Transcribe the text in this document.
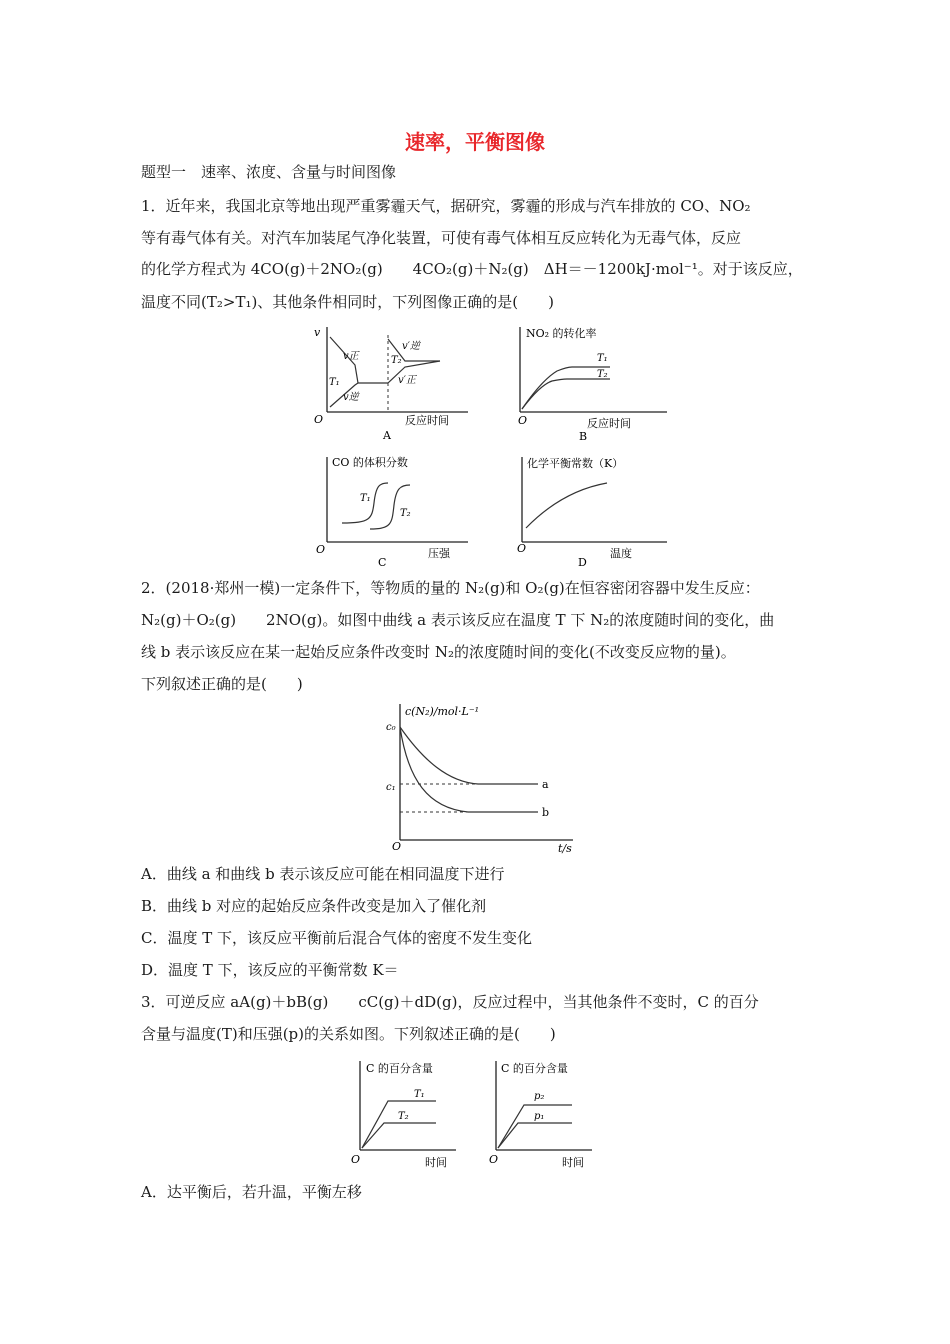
速率，平衡图像
题型一　速率、浓度、含量与时间图像
1．近年来，我国北京等地出现严重雾霾天气，据研究，雾霾的形成与汽车排放的 CO、NO₂
等有毒气体有关。对汽车加装尾气净化装置，可使有毒气体相互反应转化为无毒气体，反应
的化学方程式为 4CO(g)＋2NO₂(g)　　4CO₂(g)＋N₂(g)　ΔH＝－1200kJ·mol⁻¹。对于该反应，
温度不同(T₂>T₁)、其他条件相同时，下列图像正确的是(　　)
v
O	反应时间
A
v正
v逆
T₁
T₂
v′逆
v′正
NO₂ 的转化率
O	反应时间
B
T₁
T₂
CO 的体积分数
O	压强
C
T₁
T₂
化学平衡常数（K）
O	温度
D
2．(2018·郑州一模)一定条件下，等物质的量的 N₂(g)和 O₂(g)在恒容密闭容器中发生反应：
N₂(g)＋O₂(g)　　2NO(g)。如图中曲线 a 表示该反应在温度 T 下 N₂的浓度随时间的变化，曲
线 b 表示该反应在某一起始反应条件改变时 N₂的浓度随时间的变化(不改变反应物的量)。
下列叙述正确的是(　　)
c(N₂)/mol·L⁻¹
c₀
c₁
O	t/s
a
b
A．曲线 a 和曲线 b 表示该反应可能在相同温度下进行
B．曲线 b 对应的起始反应条件改变是加入了催化剂
C．温度 T 下，该反应平衡前后混合气体的密度不发生变化
D．温度 T 下，该反应的平衡常数 K＝
3．可逆反应 aA(g)＋bB(g)　　cC(g)＋dD(g)，反应过程中，当其他条件不变时，C 的百分
含量与温度(T)和压强(p)的关系如图。下列叙述正确的是(　　)
C 的百分含量
O	时间
T₁
T₂
C 的百分含量
O	时间
p₂
p₁
A．达平衡后，若升温，平衡左移
